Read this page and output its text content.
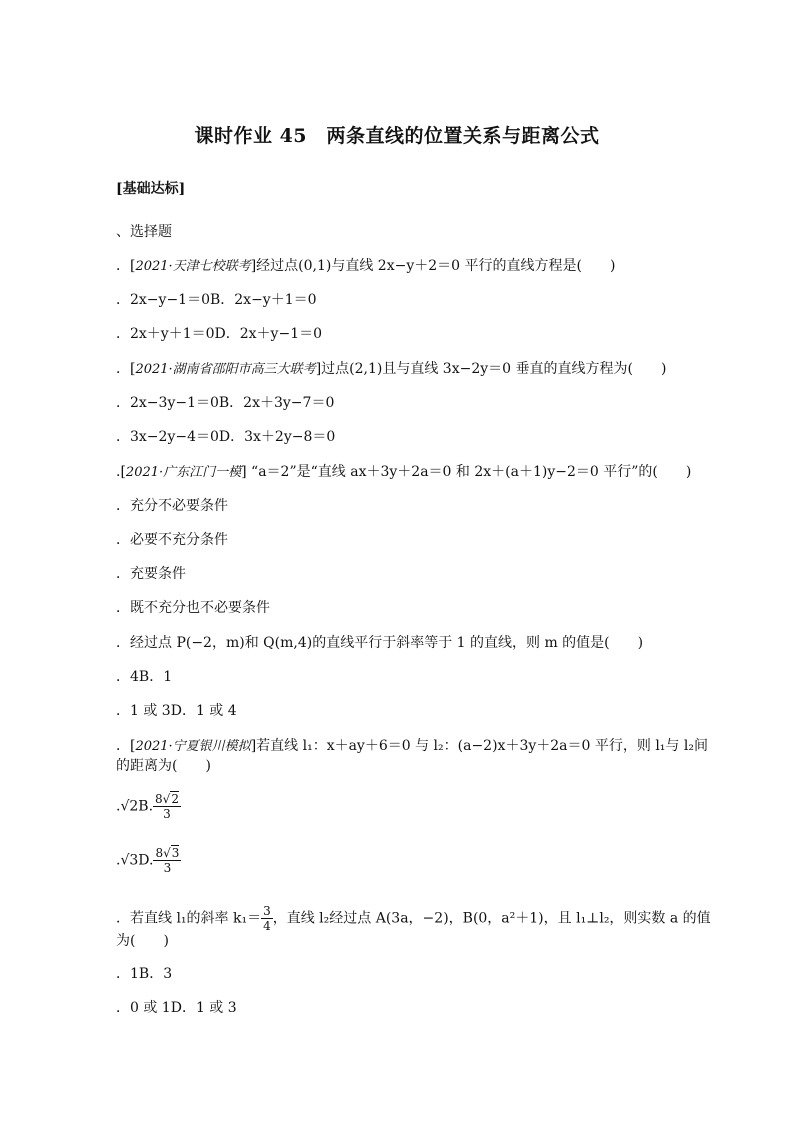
课时作业 45　两条直线的位置关系与距离公式
[基础达标]
、选择题
．[2021·天津七校联考]经过点(0,1)与直线 2x−y＋2＝0 平行的直线方程是(　　)
．2x−y−1＝0B．2x−y＋1＝0
．2x＋y＋1＝0D．2x＋y−1＝0
．[2021·湖南省邵阳市高三大联考]过点(2,1)且与直线 3x−2y＝0 垂直的直线方程为(　　)
．2x−3y−1＝0B．2x＋3y−7＝0
．3x−2y−4＝0D．3x＋2y−8＝0
.[2021·广东江门一模] “a＝2”是“直线 ax＋3y＋2a＝0 和 2x＋(a＋1)y−2＝0 平行”的(　　)
．充分不必要条件
．必要不充分条件
．充要条件
．既不充分也不必要条件
．经过点 P(−2，m)和 Q(m,4)的直线平行于斜率等于 1 的直线，则 m 的值是(　　)
．4B．1
．1 或 3D．1 或 4
．[2021·宁夏银川模拟]若直线 l₁：x＋ay＋6＝0 与 l₂：(a−2)x＋3y＋2a＝0 平行，则 l₁与 l₂间
的距离为(　　)
.√2B. $\frac{8√2}{3}$
.√3D. $\frac{8√3}{3}$
．若直线 l₁的斜率 $k_1= \frac{3}{4}$ ，直线 l₂经过点 A(3a，−2)，B(0，a²＋1)，且 l₁⊥l₂，则实数 a 的值
为(　　)
．1B．3
．0 或 1D．1 或 3
